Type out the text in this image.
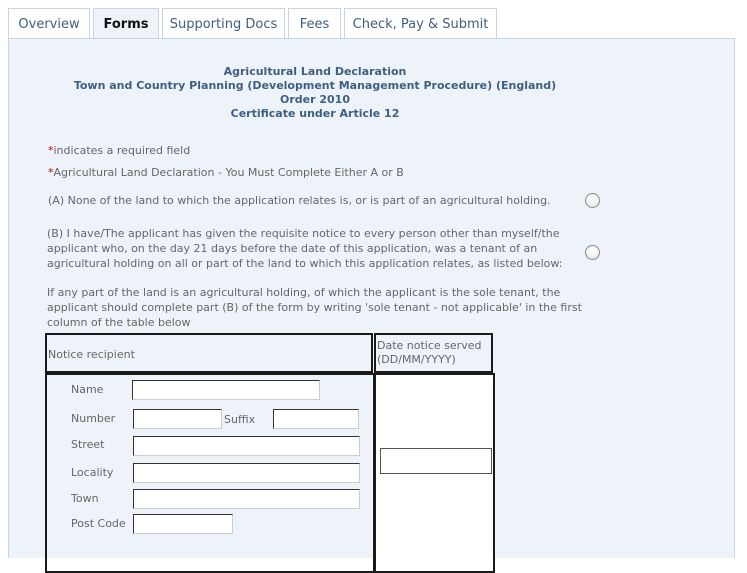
Overview Forms Supporting Docs Fees Check, Pay & Submit
Agricultural Land Declaration
Town and Country Planning (Development Management Procedure) (England)
Order 2010
Certificate under Article 12
*indicates a required field
*Agricultural Land Declaration - You Must Complete Either A or B
(A) None of the land to which the application relates is, or is part of an agricultural holding.
(B) I have/The applicant has given the requisite notice to every person other than myself/the
applicant who, on the day 21 days before the date of this application, was a tenant of an
agricultural holding on all or part of the land to which this application relates, as listed below:
If any part of the land is an agricultural holding, of which the applicant is the sole tenant, the
applicant should complete part (B) of the form by writing 'sole tenant - not applicable' in the first
column of the table below
Notice recipient
Date notice served
(DD/MM/YYYY)
Name
Number	Suffix
Street
Locality
Town
Post Code
